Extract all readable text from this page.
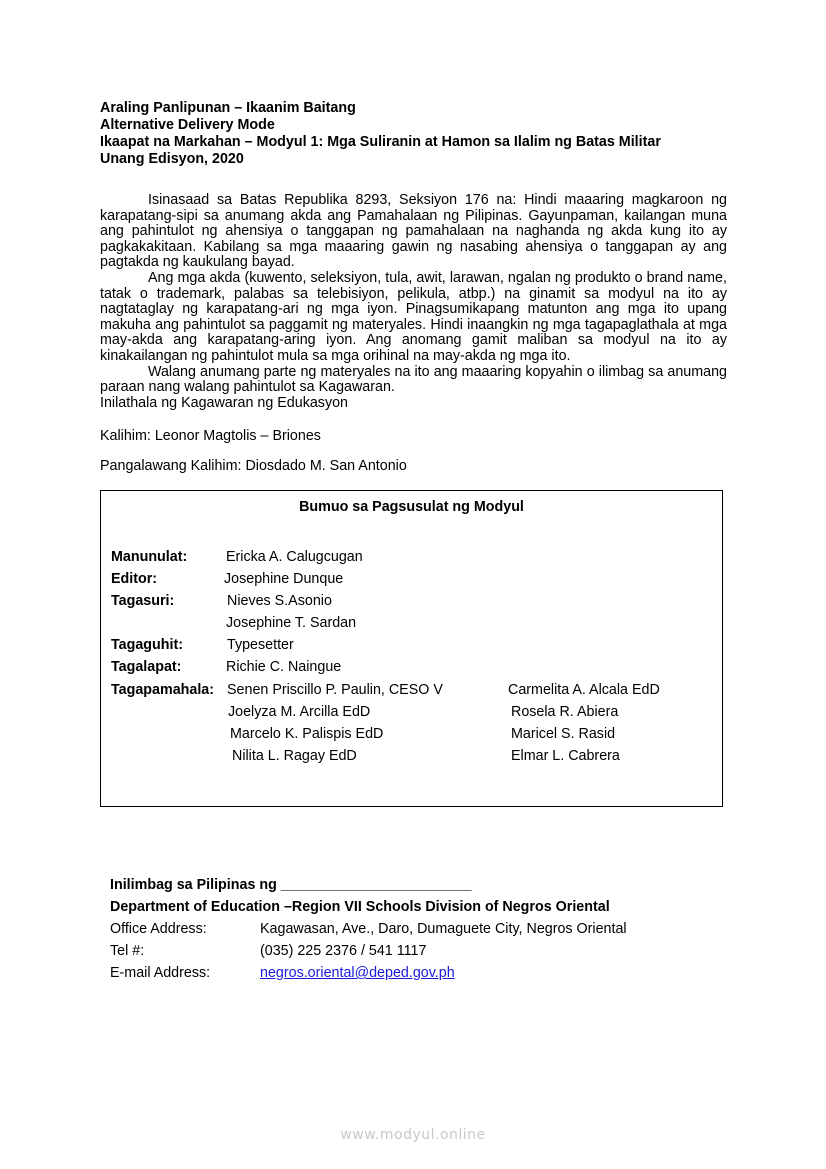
Araling Panlipunan – Ikaanim Baitang
Alternative Delivery Mode
Ikaapat na Markahan – Modyul 1: Mga Suliranin at Hamon sa Ilalim ng Batas Militar
Unang Edisyon, 2020

Isinasaad sa Batas Republika 8293, Seksiyon 176 na: Hindi maaaring magkaroon ng karapatang-sipi sa anumang akda ang Pamahalaan ng Pilipinas. Gayunpaman, kailangan muna ang pahintulot ng ahensiya o tanggapan ng pamahalaan na naghanda ng akda kung ito ay pagkakakitaan. Kabilang sa mga maaaring gawin ng nasabing ahensiya o tanggapan ay ang pagtakda ng kaukulang bayad.

Ang mga akda (kuwento, seleksiyon, tula, awit, larawan, ngalan ng produkto o brand name, tatak o trademark, palabas sa telebisiyon, pelikula, atbp.) na ginamit sa modyul na ito ay nagtataglay ng karapatang-ari ng mga iyon. Pinagsumikapang matunton ang mga ito upang makuha ang pahintulot sa paggamit ng materyales. Hindi inaangkin ng mga tagapaglathala at mga may-akda ang karapatang-aring iyon. Ang anomang gamit maliban sa modyul na ito ay kinakailangan ng pahintulot mula sa mga orihinal na may-akda ng mga ito.

Walang anumang parte ng materyales na ito ang maaaring kopyahin o ilimbag sa anumang paraan nang walang pahintulot sa Kagawaran.

Inilathala ng Kagawaran ng Edukasyon

Kalihim: Leonor Magtolis – Briones
Pangalawang Kalihim: Diosdado M. San Antonio
Bumuo sa Pagsusulat ng Modyul
Manunulat:	Ericka A. Calugcugan
Editor:	Josephine Dunque
Tagasuri:	Nieves S.Asonio
Josephine T. Sardan
Tagaguhit:	Typesetter
Tagalapat:	Richie C. Naingue
Tagapamahala: Senen Priscillo P. Paulin, CESO V	Carmelita A. Alcala EdD
Joelyza M. Arcilla EdD	Rosela R. Abiera
Marcelo K. Palispis EdD	Maricel S. Rasid
Nilita L. Ragay EdD	Elmar L. Cabrera
Inilimbag sa Pilipinas ng ________________________
Department of Education –Region VII Schools Division of Negros Oriental
Office Address:	Kagawasan, Ave., Daro, Dumaguete City, Negros Oriental
Tel #:	(035) 225 2376 / 541 1117
E-mail Address:	negros.oriental@deped.gov.ph
www.modyul.online
